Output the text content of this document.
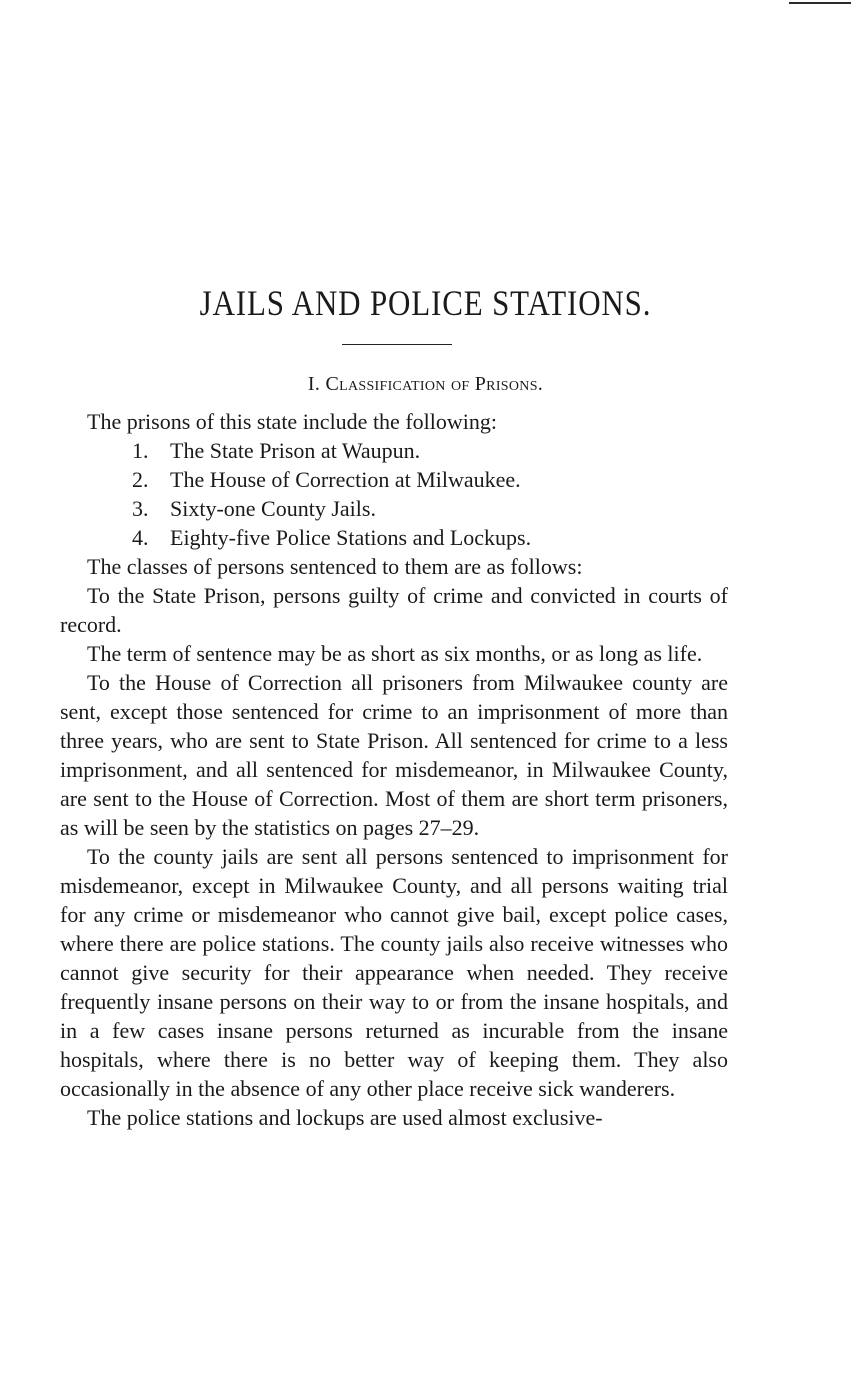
JAILS AND POLICE STATIONS.
I. Classification of Prisons.

The prisons of this state include the following:

1. The State Prison at Waupun.
2. The House of Correction at Milwaukee.
3. Sixty-one County Jails.
4. Eighty-five Police Stations and Lockups.

The classes of persons sentenced to them are as follows:

To the State Prison, persons guilty of crime and convicted in courts of record.

The term of sentence may be as short as six months, or as long as life.

To the House of Correction all prisoners from Milwaukee county are sent, except those sentenced for crime to an imprisonment of more than three years, who are sent to State Prison. All sentenced for crime to a less imprisonment, and all sentenced for misdemeanor, in Milwaukee County, are sent to the House of Correction. Most of them are short term prisoners, as will be seen by the statistics on pages 27–29.

To the county jails are sent all persons sentenced to imprisonment for misdemeanor, except in Milwaukee County, and all persons waiting trial for any crime or misdemeanor who cannot give bail, except police cases, where there are police stations. The county jails also receive witnesses who cannot give security for their appearance when needed. They receive frequently insane persons on their way to or from the insane hospitals, and in a few cases insane persons returned as incurable from the insane hospitals, where there is no better way of keeping them. They also occasionally in the absence of any other place receive sick wanderers.

The police stations and lockups are used almost exclusive-
